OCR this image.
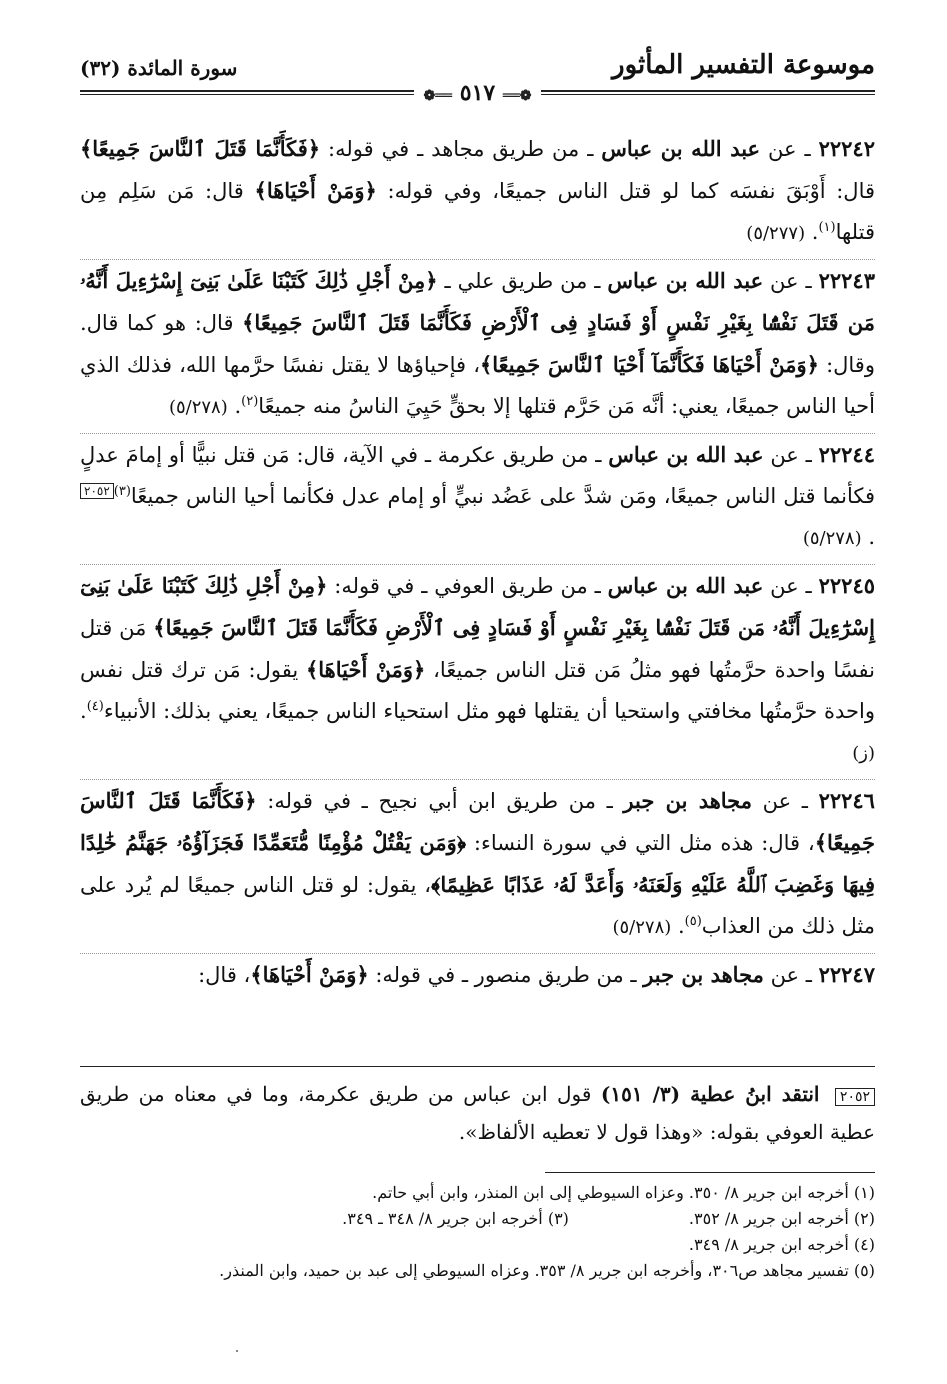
موسوعة التفسير المأثور
سورة المائدة (٣٢)
❁══ ٥١٧ ══❁

٢٢٢٤٢ ـ عن عبد الله بن عباس ـ من طريق مجاهد ـ في قوله: ﴿فَكَأَنَّمَا قَتَلَ ٱلنَّاسَ جَمِيعًا﴾ قال: أَوْبَقَ نفسَه كما لو قتل الناس جميعًا، وفي قوله: ﴿وَمَنْ أَحْيَاهَا﴾ قال: مَن سَلِم مِن قتلها$^{(١)}$. (٥/٢٧٧)

٢٢٢٤٣ ـ عن عبد الله بن عباس ـ من طريق علي ـ ﴿مِنْ أَجْلِ ذَٰلِكَ كَتَبْنَا عَلَىٰ بَنِىٓ إِسْرَٰٓءِيلَ أَنَّهُۥ مَن قَتَلَ نَفْسًۢا بِغَيْرِ نَفْسٍ أَوْ فَسَادٍ فِى ٱلْأَرْضِ فَكَأَنَّمَا قَتَلَ ٱلنَّاسَ جَمِيعًا﴾ قال: هو كما قال. وقال: ﴿وَمَنْ أَحْيَاهَا فَكَأَنَّمَآ أَحْيَا ٱلنَّاسَ جَمِيعًا﴾، فإحياؤها لا يقتل نفسًا حرَّمها الله، فذلك الذي أحيا الناس جميعًا، يعني: أنَّه مَن حَرَّم قتلها إلا بحقٍّ حَيِيَ الناسُ منه جميعًا$^{(٢)}$. (٥/٢٧٨)

٢٢٢٤٤ ـ عن عبد الله بن عباس ـ من طريق عكرمة ـ في الآية، قال: مَن قتل نبيًّا أو إمامَ عدلٍ فكأنما قتل الناس جميعًا، ومَن شدَّ على عَضُد نبيٍّ أو إمام عدل فكأنما أحيا الناس جميعًا$^{(٣)}$٢٠٥٢. (٥/٢٧٨)

٢٢٢٤٥ ـ عن عبد الله بن عباس ـ من طريق العوفي ـ في قوله: ﴿مِنْ أَجْلِ ذَٰلِكَ كَتَبْنَا عَلَىٰ بَنِىٓ إِسْرَٰٓءِيلَ أَنَّهُۥ مَن قَتَلَ نَفْسًۢا بِغَيْرِ نَفْسٍ أَوْ فَسَادٍ فِى ٱلْأَرْضِ فَكَأَنَّمَا قَتَلَ ٱلنَّاسَ جَمِيعًا﴾ مَن قتل نفسًا واحدة حرَّمتُها فهو مثلُ مَن قتل الناس جميعًا، ﴿وَمَنْ أَحْيَاهَا﴾ يقول: مَن ترك قتل نفس واحدة حرَّمتُها مخافتي واستحيا أن يقتلها فهو مثل استحياء الناس جميعًا، يعني بذلك: الأنبياء$^{(٤)}$. (ز)

٢٢٢٤٦ ـ عن مجاهد بن جبر ـ من طريق ابن أبي نجيح ـ في قوله: ﴿فَكَأَنَّمَا قَتَلَ ٱلنَّاسَ جَمِيعًا﴾، قال: هذه مثل التي في سورة النساء: ﴿وَمَن يَقْتُلْ مُؤْمِنًا مُّتَعَمِّدًا فَجَزَآؤُهُۥ جَهَنَّمُ خَٰلِدًا فِيهَا وَغَضِبَ ٱللَّهُ عَلَيْهِ وَلَعَنَهُۥ وَأَعَدَّ لَهُۥ عَذَابًا عَظِيمًا﴾، يقول: لو قتل الناس جميعًا لم يُرد على مثل ذلك من العذاب$^{(٥)}$. (٥/٢٧٨)

٢٢٢٤٧ ـ عن مجاهد بن جبر ـ من طريق منصور ـ في قوله: ﴿وَمَنْ أَحْيَاهَا﴾، قال:

٢٠٥٢ انتقد ابنُ عطية (٣/ ١٥١) قول ابن عباس من طريق عكرمة، وما في معناه من طريق عطية العوفي بقوله: «وهذا قول لا تعطيه الألفاظ».
(١) أخرجه ابن جرير ٨/ ٣٥٠. وعزاه السيوطي إلى ابن المنذر، وابن أبي حاتم.
(٢) أخرجه ابن جرير ٨/ ٣٥٢.(٣) أخرجه ابن جرير ٨/ ٣٤٨ ـ ٣٤٩.
(٤) أخرجه ابن جرير ٨/ ٣٤٩.
(٥) تفسير مجاهد ص٣٠٦، وأخرجه ابن جرير ٨/ ٣٥٣. وعزاه السيوطي إلى عبد بن حميد، وابن المنذر.
